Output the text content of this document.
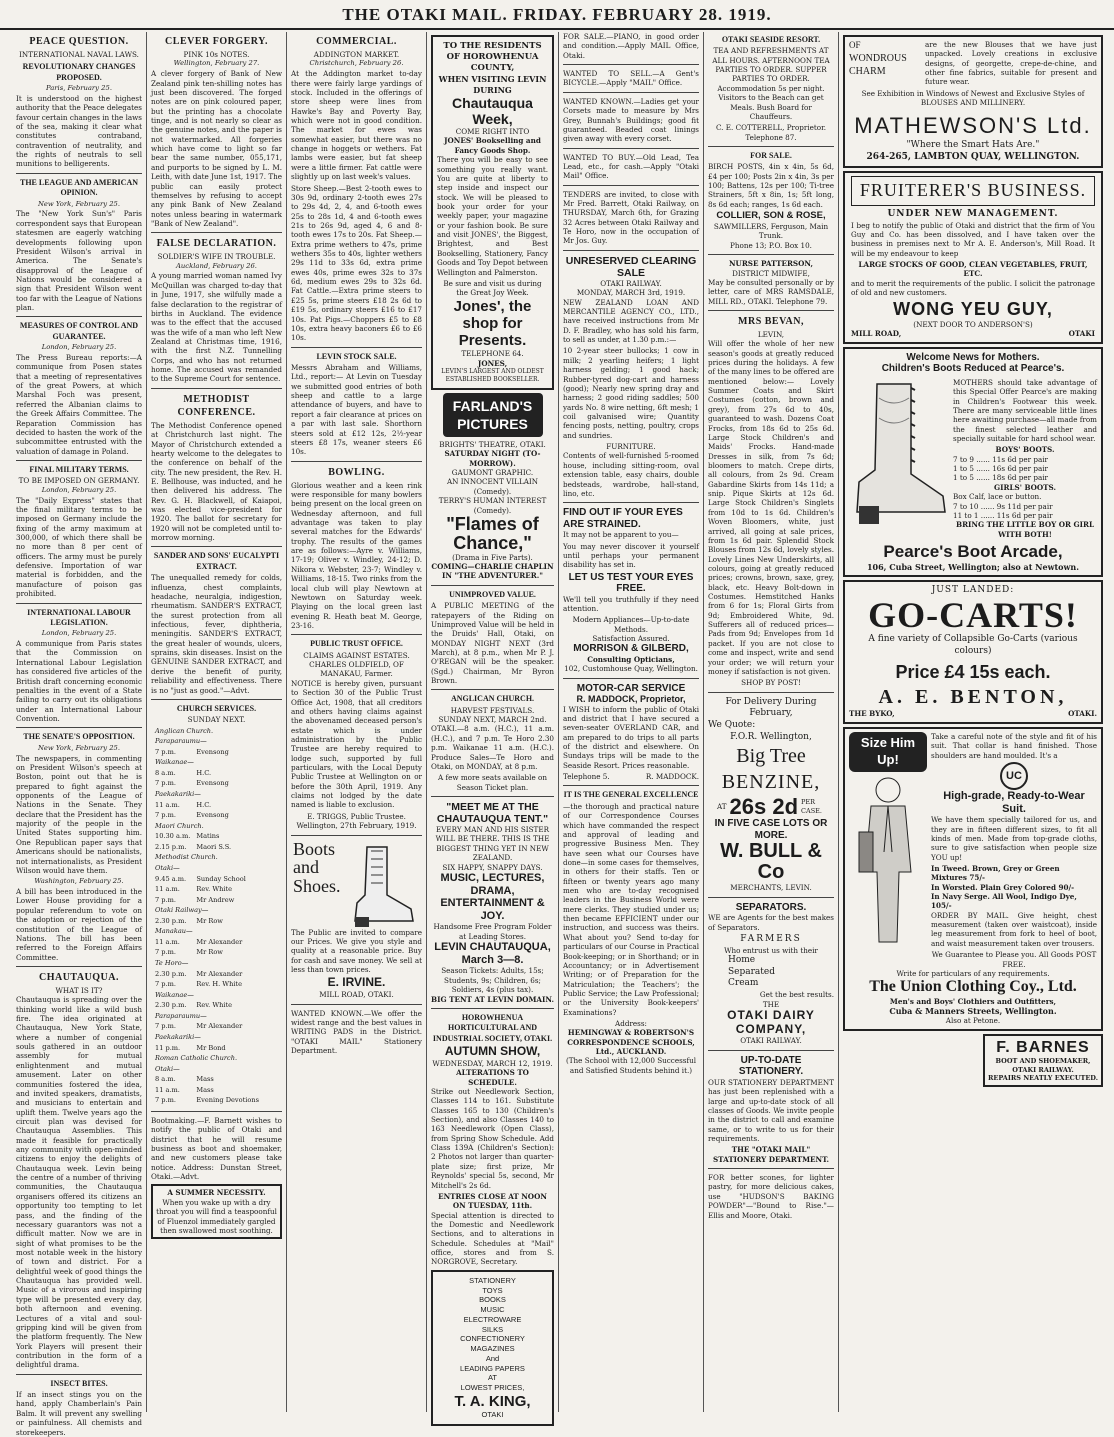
THE OTAKI MAIL. FRIDAY. FEBRUARY 28. 1919.
PEACE QUESTION.
INTERNATIONAL NAVAL LAWS.
REVOLUTIONARY CHANGES PROPOSED.
Paris, February 25.

It is understood on the highest authority that the Peace delegates favour certain changes in the laws of the sea, making it clear what constitutes contraband, contravention of neutrality, and the rights of neutrals to sell munitions to belligerents.

THE LEAGUE AND AMERICAN OPINION.
New York, February 25.

The "New York Sun's" Paris correspondent says that European statesmen are eagerly watching developments following upon President Wilson's arrival in America. The Senate's disapproval of the League of Nations would be considered a sign that President Wilson went too far with the League of Nations plan.

MEASURES OF CONTROL AND GUARANTEE.
London, February 25.

The Press Bureau reports:—A communique from Posen states that a meeting of representatives of the great Powers, at which Marshal Foch was present, referred the Albanian claims to the Greek Affairs Committee. The Reparation Commission has decided to hasten the work of the subcommittee entrusted with the valuation of damage in Poland.

FINAL MILITARY TERMS.
TO BE IMPOSED ON GERMANY.
London, February 25.

The "Daily Express" states that the final military terms to be imposed on Germany include the fixing of the army maximum at 300,000, of which there shall be no more than 8 per cent of officers. The army must be purely defensive. Importation of war material is forbidden, and the manufacture of poison gas prohibited.

INTERNATIONAL LABOUR LEGISLATION.
London, February 25.

A communique from Paris states that the Commission on International Labour Legislation has considered five articles of the British draft concerning economic penalties in the event of a State failing to carry out its obligations under an International Labour Convention.

THE SENATE'S OPPOSITION.
New York, February 25.

The newspapers, in commenting on President Wilson's speech at Boston, point out that he is prepared to fight against the opponents of the League of Nations in the Senate. They declare that the President has the majority of the people in the United States supporting him. One Republican paper says that Americans should be nationalists, not internationalists, as President Wilson would have them.

Washington, February 25.

A bill has been introduced in the Lower House providing for a popular referendum to vote on the adoption or rejection of the constitution of the League of Nations. The bill has been referred to the Foreign Affairs Committee.

CHAUTAUQUA.
WHAT IS IT?

Chautauqua is spreading over the thinking world like a wild bush fire. The idea originated at Chautauqua, New York State, where a number of congenial souls gathered in an outdoor assembly for mutual enlightenment and mutual amusement. Later on other communities fostered the idea, and invited speakers, dramatists, and musicians to entertain and uplift them. Twelve years ago the circuit plan was devised for Chautauqua Assemblies. This made it feasible for practically any community with open-minded citizens to enjoy the delights of Chautauqua week. Levin being the centre of a number of thriving communities, the Chautauqua organisers offered its citizens an opportunity too tempting to let pass, and the finding of the necessary guarantors was not a difficult matter. Now we are in sight of what promises to be the most notable week in the history of town and district. For a delightful week of good things the Chautauqua has provided well. Music of a virorous and inspiring type will be presented every day, both afternoon and evening. Lectures of a vital and soul-gripping kind will be given from the platform frequently. The New York Players will present their contribution in the form of a delightful drama.

INSECT BITES.

If an insect stings you on the hand, apply Chamberlain's Pain Balm. It will prevent any swelling or painfulness. All chemists and storekeepers.

CLEVER FORGERY.
PINK 10s NOTES.
Wellington, February 27.

A clever forgery of Bank of New Zealand pink ten-shilling notes has just been discovered. The forged notes are on pink coloured paper, but the printing has a chocolate tinge, and is not nearly so clear as the genuine notes, and the paper is not watermarked. All forgeries which have come to light so far bear the same number, 055,171, and purports to be signed by L. M. Leith, with date June 1st, 1917. The public can easily protect themselves by refusing to accept any pink Bank of New Zealand notes unless bearing in watermark "Bank of New Zealand".

FALSE DECLARATION.
SOLDIER'S WIFE IN TROUBLE.
Auckland, February 26.

A young married woman named Ivy McQuillan was charged to-day that in June, 1917, she wilfully made a false declaration to the registrar of births in Auckland. The evidence was to the effect that the accused was the wife of a man who left New Zealand at Christmas time, 1916, with the first N.Z. Tunnelling Corps, and who has not returned home. The accused was remanded to the Supreme Court for sentence.

METHODIST CONFERENCE.

The Methodist Conference opened at Christchurch last night. The Mayor of Christchurch extended a hearty welcome to the delegates to the conference on behalf of the city. The new president, the Rev. H. E. Bellhouse, was inducted, and he then delivered his address. The Rev. G. H. Blackwell, of Kaiapoi, was elected vice-president for 1920. The ballot for secretary for 1920 will not be completed until to-morrow morning.

SANDER AND SONS' EUCALYPTI EXTRACT.

The unequalled remedy for colds, influenza, chest complaints, headache, neuralgia, indigestion, rheumatism. SANDER'S EXTRACT, the surest protection from all infectious, fever, diphtheria, meningitis. SANDER'S EXTRACT, the great healer of wounds, ulcers, sprains, skin diseases. Insist on the GENUINE SANDER EXTRACT, and derive the benefit of purity, reliability and effectiveness. There is no "just as good."—Advt.

CHURCH SERVICES.
SUNDAY NEXT.
Anglican Church.	
Paraparaumu—	
7 p.m.	Evensong
Waikanae—	
8 a.m.	H.C.
7 p.m.	Evensong
Paekakariki—	
11 a.m.	H.C.
7 p.m.	Evensong
Maori Church.	
10.30 a.m.	Matins
2.15 p.m.	Maori S.S.
Methodist Church.	
Otaki—	
9.45 a.m.	Sunday School
11 a.m.	Rev. White
7 p.m.	Mr Andrew
Otaki Railway—	
2.30 p.m.	Mr Row
Manakau—	
11 a.m.	Mr Alexander
7 p.m.	Mr Row
Te Horo—	
2.30 p.m.	Mr Alexander
7 p.m.	Rev. H. White
Waikanae—	
2.30 p.m.	Rev. White
Paraparaumu—	
7 p.m.	Mr Alexander
Paekakariki—	
11 p.m.	Mr Bond
Roman Catholic Church.	
Otaki—	
8 a.m.	Mass
11 a.m.	Mass
7 p.m.	Evening Devotions

Bootmaking.—F. Barnett wishes to notify the public of Otaki and district that he will resume business as boot and shoemaker, and new customers please take notice. Address: Dunstan Street, Otaki.—Advt.

A SUMMER NECESSITY.
When you wake up with a dry throat you will find a teaspoonful of Fluenzol immediately gargled then swallowed most soothing.
COMMERCIAL.
ADDINGTON MARKET.
Christchurch, February 26.

At the Addington market to-day there were fairly large yardings of stock. Included in the offerings of store sheep were lines from Hawke's Bay and Poverty Bay, which were not in good condition. The market for ewes was somewhat easier, but there was no change in hoggets or wethers. Fat lambs were easier, but fat sheep were a little firmer. Fat cattle were slightly up on last week's values.

Store Sheep.—Best 2-tooth ewes to 30s 9d, ordinary 2-tooth ewes 27s to 29s 4d, 2, 4, and 6-tooth ewes 25s to 28s 1d, 4 and 6-tooth ewes 21s to 26s 9d, aged 4, 6 and 8-tooth ewes 17s to 20s. Fat Sheep.—Extra prime wethers to 47s, prime wethers 35s to 40s, lighter wethers 29s 11d to 33s 6d, extra prime ewes 40s, prime ewes 32s to 37s 6d, medium ewes 29s to 32s 6d. Fat Cattle.—Extra prime steers to £25 5s, prime steers £18 2s 6d to £19 5s, ordinary steers £16 to £17 10s. Pat Pigs.—Choppers £5 to £8 10s, extra heavy baconers £6 to £6 10s.

LEVIN STOCK SALE.

Messrs Abraham and Williams, Ltd., report:— At Levin on Tuesday we submitted good entries of both sheep and cattle to a large attendance of buyers, and have to report a fair clearance at prices on a par with last sale. Shorthorn steers sold at £12 12s, 2½-year steers £8 17s, weaner steers £6 10s.

BOWLING.

Glorious weather and a keen rink were responsible for many bowlers being present on the local green on Wednesday afternoon, and full advantage was taken to play several matches for the Edwards' trophy. The results of the games are as follows:—Ayre v. Williams, 17-19; Oliver v. Windley, 24-12; D. Nikora v. Webster, 23-7; Windley v. Williams, 18-15. Two rinks from the local club will play Newtown at Newtown on Saturday week. Playing on the local green last evening R. Heath beat M. George, 23-16.

PUBLIC TRUST OFFICE.
CLAIMS AGAINST ESTATES.
CHARLES OLDFIELD, OF MANAKAU, Farmer.

NOTICE is hereby given, pursuant to Section 30 of the Public Trust Office Act, 1908, that all creditors and others having claims against the abovenamed deceased person's estate which is under administration by the Public Trustee are hereby required to lodge such, supported by full particulars, with the Local Deputy Public Trustee at Wellington on or before the 30th April, 1919. Any claims not lodged by the date named is liable to exclusion.

E. TRIGGS, Public Trustee.
Wellington, 27th February, 1919.
Boots and Shoes.

The Public are invited to compare our Prices. We give you style and quality at a reasonable price. Buy for cash and save money. We sell at less than town prices.

E. IRVINE.
MILL ROAD, OTAKI.

WANTED KNOWN.—We offer the widest range and the best values in WRITING PADS in the District. "OTAKI MAIL" Stationery Department.

TO THE RESIDENTS OF HOROWHENUA COUNTY,
WHEN VISITING LEVIN DURING
Chautauqua Week,
COME RIGHT INTO
JONES' Bookselling and Fancy Goods Shop.

There you will be easy to see something you really want. You are quite at liberty to step inside and inspect our stock. We will be pleased to book your order for your weekly paper, your magazine or your fashion book. Be sure and visit JONES', the Biggest, Brightest, and Best Bookselling, Stationery, Fancy Goods and Toy Depot between Wellington and Palmerston.

Be sure and visit us during the Great Joy Week.
Jones', the shop for Presents.
TELEPHONE 64.
JONES,
LEVIN'S LARGEST AND OLDEST ESTABLISHED BOOKSELLER.
FARLAND'S PICTURES
BRIGHTS' THEATRE, OTAKI.
SATURDAY NIGHT (TO-MORROW).
GAUMONT GRAPHIC.
AN INNOCENT VILLAIN (Comedy).
TERRY'S HUMAN INTEREST (Comedy).
"Flames of Chance,"
(Drama in Five Parts).
COMING—CHARLIE CHAPLIN IN "THE ADVENTURER."
UNIMPROVED VALUE.

A PUBLIC MEETING of the ratepayers of the Riding on Unimproved Value will be held in the Druids' Hall, Otaki, on MONDAY NIGHT NEXT (3rd March), at 8 p.m., when Mr P. J. O'REGAN will be the speaker. (Sgd.) Chairman, Mr Byron Brown.

ANGLICAN CHURCH.
HARVEST FESTIVALS.
SUNDAY NEXT, MARCH 2nd.

OTAKI.—8 a.m. (H.C.), 11 a.m. (H.C.), and 7 p.m. Te Horo 2.30 p.m. Waikanae 11 a.m. (H.C.). Produce Sales—Te Horo and Otaki, on MONDAY, at 8 p.m.

A few more seats available on Season Ticket plan.
"MEET ME AT THE CHAUTAUQUA TENT."
EVERY MAN AND HIS SISTER WILL BE THERE. THIS IS THE BIGGEST THING YET IN NEW ZEALAND.
SIX HAPPY, SNAPPY DAYS.
MUSIC, LECTURES, DRAMA, ENTERTAINMENT & JOY.
Handsome Free Program Folder at Leading Stores.
LEVIN CHAUTAUQUA, March 3—8.
Season Tickets: Adults, 15s; Students, 9s; Children, 6s; Soldiers, 4s (plus tax).
BIG TENT AT LEVIN DOMAIN.
HOROWHENUA HORTICULTURAL AND INDUSTRIAL SOCIETY, OTAKI.
AUTUMN SHOW,
WEDNESDAY, MARCH 12, 1919.
ALTERATIONS TO SCHEDULE.

Strike out Needlework Section, Classes 114 to 161. Substitute Classes 165 to 130 (Children's Section), and also Classes 140 to 163 Needlework (Open Class), from Spring Show Schedule. Add Class 139A (Children's Section): 2 Photos not larger than quarter-plate size; first prize, Mr Reynolds' special 5s, second, Mr Mitchell's 2s 6d.

ENTRIES CLOSE AT NOON ON TUESDAY, 11th.

Special attention is directed to the Domestic and Needlework Sections, and to alterations in Schedule. Schedules at "Mail" office, stores and from S. NORGROVE, Secretary.

STATIONERY
TOYS
BOOKS
MUSIC
ELECTROWARE
SILKS
CONFECTIONERY
MAGAZINES
And
LEADING PAPERS
AT
LOWEST PRICES,
T. A. KING,
OTAKI

FOR SALE.—PIANO, in good order and condition.—Apply MAIL Office, Otaki.

WANTED TO SELL.—A Gent's BICYCLE.—Apply "MAIL" Office.

WANTED KNOWN.—Ladies get your Corsets made to measure by Mrs Grey, Bunnah's Buildings; good fit guaranteed. Beaded coat linings given away with every corset.

WANTED TO BUY.—Old Lead, Tea Lead, etc., for cash.—Apply "Otaki Mail" Office.

TENDERS are invited, to close with Mr Fred. Barrett, Otaki Railway, on THURSDAY, March 6th, for Grazing 32 Acres between Otaki Railway and Te Horo, now in the occupation of Mr Jos. Guy.

UNRESERVED CLEARING SALE
OTAKI RAILWAY.
MONDAY, MARCH 3rd, 1919.

NEW ZEALAND LOAN AND MERCANTILE AGENCY CO., LTD., have received instructions from Mr D. F. Bradley, who has sold his farm, to sell as under, at 1.30 p.m.:—

10 2-year steer bullocks; 1 cow in milk; 2 yearling heifers; 1 light harness gelding; 1 good hack; Rubber-tyred dog-cart and harness (good); Nearly new spring dray and harness; 2 good riding saddles; 500 yards No. 8 wire netting, 6ft mesh; 1 coil galvanised wire; Quantity fencing posts, netting, poultry, crops and sundries.

FURNITURE.

Contents of well-furnished 5-roomed house, including sitting-room, oval extension table, easy chairs, double bedsteads, wardrobe, hall-stand, lino, etc.

FIND OUT IF YOUR EYES ARE STRAINED.

It may not be apparent to you—

You may never discover it yourself until perhaps your permanent disability has set in.

LET US TEST YOUR EYES FREE.

We'll tell you truthfully if they need attention.

Modern Appliances—Up-to-date Methods.
Satisfaction Assured.
MORRISON & GILBERD,
Consulting Opticians,
102, Customhouse Quay, Wellington.
MOTOR-CAR SERVICE
R. MADDOCK, Proprietor,

I WISH to inform the public of Otaki and district that I have secured a seven-seater OVERLAND CAR, and am prepared to do trips to all parts of the district and elsewhere. On Sundays trips will be made to the Seaside Resort. Prices reasonable.

Telephone 5.	R. MADDOCK.
IT IS THE GENERAL EXCELLENCE

—the thorough and practical nature of our Correspondence Courses which have commanded the respect and approval of leading and progressive Business Men. They have seen what our Courses have done—in some cases for themselves, in others for their staffs. Ten or fifteen or twenty years ago many men who are to-day recognised leaders in the Business World were mere clerks. They studied under us; then became EFFICIENT under our instruction, and success was theirs. What about you? Send to-day for particulars of our Course in Practical Book-keeping; or in Shorthand; or in Accountancy; or in Advertisement Writing; or of Preparation for the Matriculation; the Teachers'; the Public Service; the Law Professional; or the University Book-keepers' Examinations?

Address:
HEMINGWAY & ROBERTSON'S CORRESPONDENCE SCHOOLS, Ltd., AUCKLAND.
(The School with 12,000 Successful and Satisfied Students behind it.)
OTAKI SEASIDE RESORT.

TEA AND REFRESHMENTS AT ALL HOURS. AFTERNOON TEA PARTIES TO ORDER. SUPPER PARTIES TO ORDER. Accommodation 5s per night. Visitors to the Beach can get Meals. Bush Board for Chauffeurs.

C. E. COTTERELL, Proprietor.
Telephone 87.
FOR SALE.

BIRCH POSTS, 4in x 4in, 5s 6d, £4 per 100; Posts 2in x 4in, 3s per 100; Battens, 12s per 100; Ti-tree Strainers, 5ft x 8in, 1s; 5ft long, 8s 6d each; ranges, 1s 6d each.

COLLIER, SON & ROSE,
SAWMILLERS, Ferguson, Main Trunk.
Phone 13; P.O. Box 10.
NURSE PATTERSON,
DISTRICT MIDWIFE,

May be consulted personally or by letter, care of MRS RAMSDALE, MILL RD., OTAKI. Telephone 79.

MRS BEVAN,
LEVIN,

Will offer the whole of her new season's goods at greatly reduced prices during the holidays. A few of the many lines to be offered are mentioned below:— Lovely Summer Coats and Skirt Costumes (cotton, brown and grey), from 27s 6d to 40s, guaranteed to wash. Dozens Coat Frocks, from 18s 6d to 25s 6d. Large Stock Children's and Maids' Frocks. Hand-made Dresses in silk, from 7s 6d; bloomers to match. Crepe dirts, all colours, from 2s 9d. Cream Gabardine Skirts from 14s 11d; a snip. Pique Skirts at 12s 6d. Large Stock Children's Singlets from 10d to 1s 6d. Children's Woven Bloomers, white, just arrived, all going at sale prices, from 1s 6d pair. Splendid Stock Blouses from 12s 6d, lovely styles. Lovely Lines New Underskirts, all colours, going at greatly reduced prices; crowns, brown, saxe, grey, black, etc. Heavy Bolt-down in Costumes. Hemstitched Hanks from 6 for 1s; Floral Girts from 9d; Embroidered White, 9d. Sufferers all of reduced prices—Pads from 9d; Envelopes from 1d packet. If you are not close to come and inspect, write and send your order; we will return your money if satisfaction is not given.

SHOP BY POST!
For Delivery During February,
We Quote:
F.O.R. Wellington,
Big Tree
BENZINE,
AT 26s 2d PER CASE.
IN FIVE CASE LOTS OR MORE.
W. BULL & Co
MERCHANTS, LEVIN.
SEPARATORS.

WE are Agents for the best makes of Separators.

FARMERS
Who entrust us with their
Home
Separated
Cream
Get the best results.
THE
OTAKI DAIRY COMPANY,
OTAKI RAILWAY.
UP-TO-DATE STATIONERY.

OUR STATIONERY DEPARTMENT has just been replenished with a large and up-to-date stock of all classes of Goods. We invite people in the district to call and examine same, or to write to us for their requirements.

THE "OTAKI MAIL" STATIONERY DEPARTMENT.

FOR better scones, for lighter pastry, for more delicious cakes, use "HUDSON'S BAKING POWDER"—"Bound to Rise."—Ellis and Moore, Otaki.

OF
WONDROUS CHARM

are the new Blouses that we have just unpacked. Lovely creations in exclusive designs, of georgette, crepe-de-chine, and other fine fabrics, suitable for present and future wear.

See Exhibition in Windows of Newest and Exclusive Styles of
BLOUSES AND MILLINERY.
MATHEWSON'S Ltd.
"Where the Smart Hats Are."
264-265, LAMBTON QUAY, WELLINGTON.
FRUITERER'S BUSINESS.
UNDER NEW MANAGEMENT.

I beg to notify the public of Otaki and district that the firm of You Guy and Co. has been dissolved, and I have taken over the business in premises next to Mr A. E. Anderson's, Mill Road. It will be my endeavour to keep

LARGE STOCKS OF GOOD, CLEAN VEGETABLES, FRUIT, ETC.

and to merit the requirements of the public. I solicit the patronage of old and new customers.

WONG YEU GUY,
(NEXT DOOR TO ANDERSON'S)
MILL ROAD,	OTAKI
Welcome News for Mothers.
Children's Boots Reduced at Pearce's.

MOTHERS should take advantage of this Special Offer Pearce's are making in Children's Footwear this week. There are many serviceable little lines here awaiting purchase—all made from the finest selected leather and specially suitable for hard school wear.

BOYS' BOOTS.
7 to 9 ...... 11s 6d per pair
1 to 5 ...... 16s 6d per pair
1 to 5 ...... 18s 6d per pair
GIRLS' BOOTS.
Box Calf, lace or button.
7 to 10 ...... 9s 11d per pair
11 to 1 ...... 11s 6d per pair
BRING THE LITTLE BOY OR GIRL WITH BOTH!
Pearce's Boot Arcade,
106, Cuba Street, Wellington; also at Newtown.
JUST LANDED:
GO-CARTS!
A fine variety of Collapsible Go-Carts (various colours)
Price £4 15s each.
A. E. BENTON,
THE BYKO,	OTAKI.
Size Him Up!

Take a careful note of the style and fit of his suit. That collar is hand finished. Those shoulders are hand moulded. It's a

UC
High-grade, Ready-to-Wear Suit.

We have them specially tailored for us, and they are in fifteen different sizes, to fit all kinds of men. Made from top-grade cloths, sure to give satisfaction when people size YOU up!

In Tweed. Brown, Grey or Green Mixtures 75/-
In Worsted. Plain Grey Colored 90/-
In Navy Serge. All Wool, Indigo Dye, 105/-

ORDER BY MAIL. Give height, chest measurement (taken over waistcoat), inside leg measurement from fork to heel of boot, and waist measurement taken over trousers.

We Guarantee to Please you. All Goods POST FREE.
Write for particulars of any requirements.
The Union Clothing Coy., Ltd.
Men's and Boys' Clothiers and Outfitters,
Cuba & Manners Streets, Wellington.
Also at Petone.
F. BARNES
BOOT AND SHOEMAKER, OTAKI RAILWAY.
REPAIRS NEATLY EXECUTED.
